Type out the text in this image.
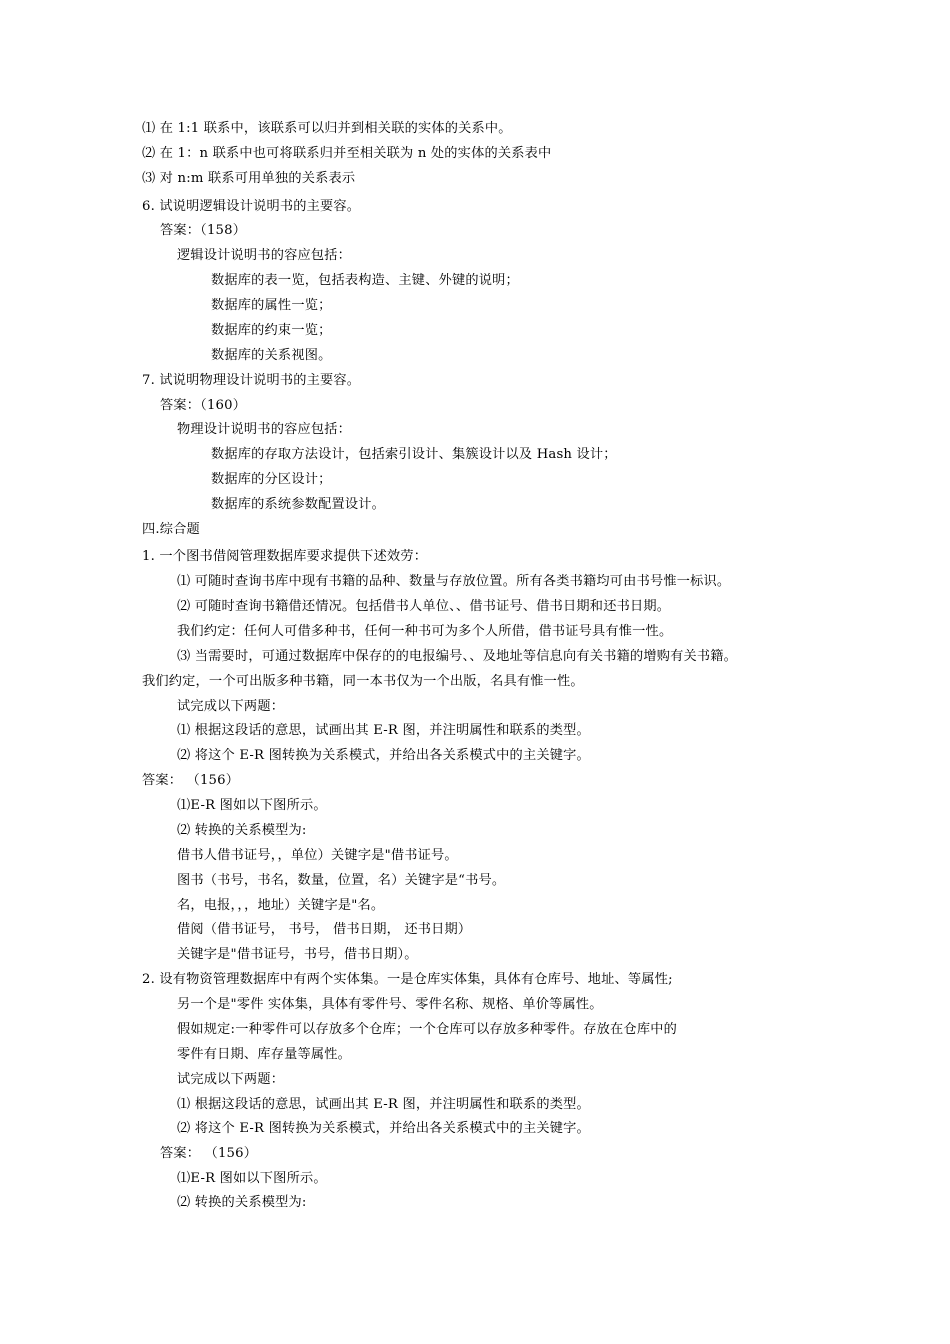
⑴ 在 1:1 联系中，该联系可以归并到相关联的实体的关系中。
⑵ 在 1：n 联系中也可将联系归并至相关联为 n 处的实体的关系表中
⑶ 对 n:m 联系可用单独的关系表示
6. 试说明逻辑设计说明书的主要容。
答案：（158）
逻辑设计说明书的容应包括：
数据库的表一览，包括表构造、主键、外键的说明；
数据库的属性一览；
数据库的约束一览；
数据库的关系视图。
7. 试说明物理设计说明书的主要容。
答案：（160）
物理设计说明书的容应包括：
数据库的存取方法设计，包括索引设计、集簇设计以及 Hash 设计；
数据库的分区设计；
数据库的系统参数配置设计。
四.综合题
1. 一个图书借阅管理数据库要求提供下述效劳：
⑴ 可随时查询书库中现有书籍的品种、数量与存放位置。所有各类书籍均可由书号惟一标识。
⑵ 可随时查询书籍借还情况。包括借书人单位、、借书证号、借书日期和还书日期。
我们约定：任何人可借多种书，任何一种书可为多个人所借，借书证号具有惟一性。
⑶ 当需要时，可通过数据库中保存的的电报编号、、及地址等信息向有关书籍的增购有关书籍。
我们约定，一个可出版多种书籍，同一本书仅为一个出版，名具有惟一性。
试完成以下两题：
⑴ 根据这段话的意思，试画出其 E-R 图，并注明属性和联系的类型。
⑵ 将这个 E-R 图转换为关系模式，并给出各关系模式中的主关键字。
答案： （156）
⑴E-R 图如以下图所示。
⑵ 转换的关系模型为:
借书人借书证号，，单位）关键字是"借书证号。
图书（书号，书名，数量，位置，名）关键字是“书号。
名，电报，，，地址）关键字是"名。
借阅（借书证号， 书号， 借书日期， 还书日期）
关键字是"借书证号，书号，借书日期）。
2. 设有物资管理数据库中有两个实体集。一是仓库实体集，具体有仓库号、地址、等属性;
另一个是"零件 实体集，具体有零件号、零件名称、规格、单价等属性。
假如规定:一种零件可以存放多个仓库；一个仓库可以存放多种零件。存放在仓库中的
零件有日期、库存量等属性。
试完成以下两题：
⑴ 根据这段话的意思，试画出其 E-R 图，并注明属性和联系的类型。
⑵ 将这个 E-R 图转换为关系模式，并给出各关系模式中的主关键字。
答案： （156）
⑴E-R 图如以下图所示。
⑵ 转换的关系模型为:
